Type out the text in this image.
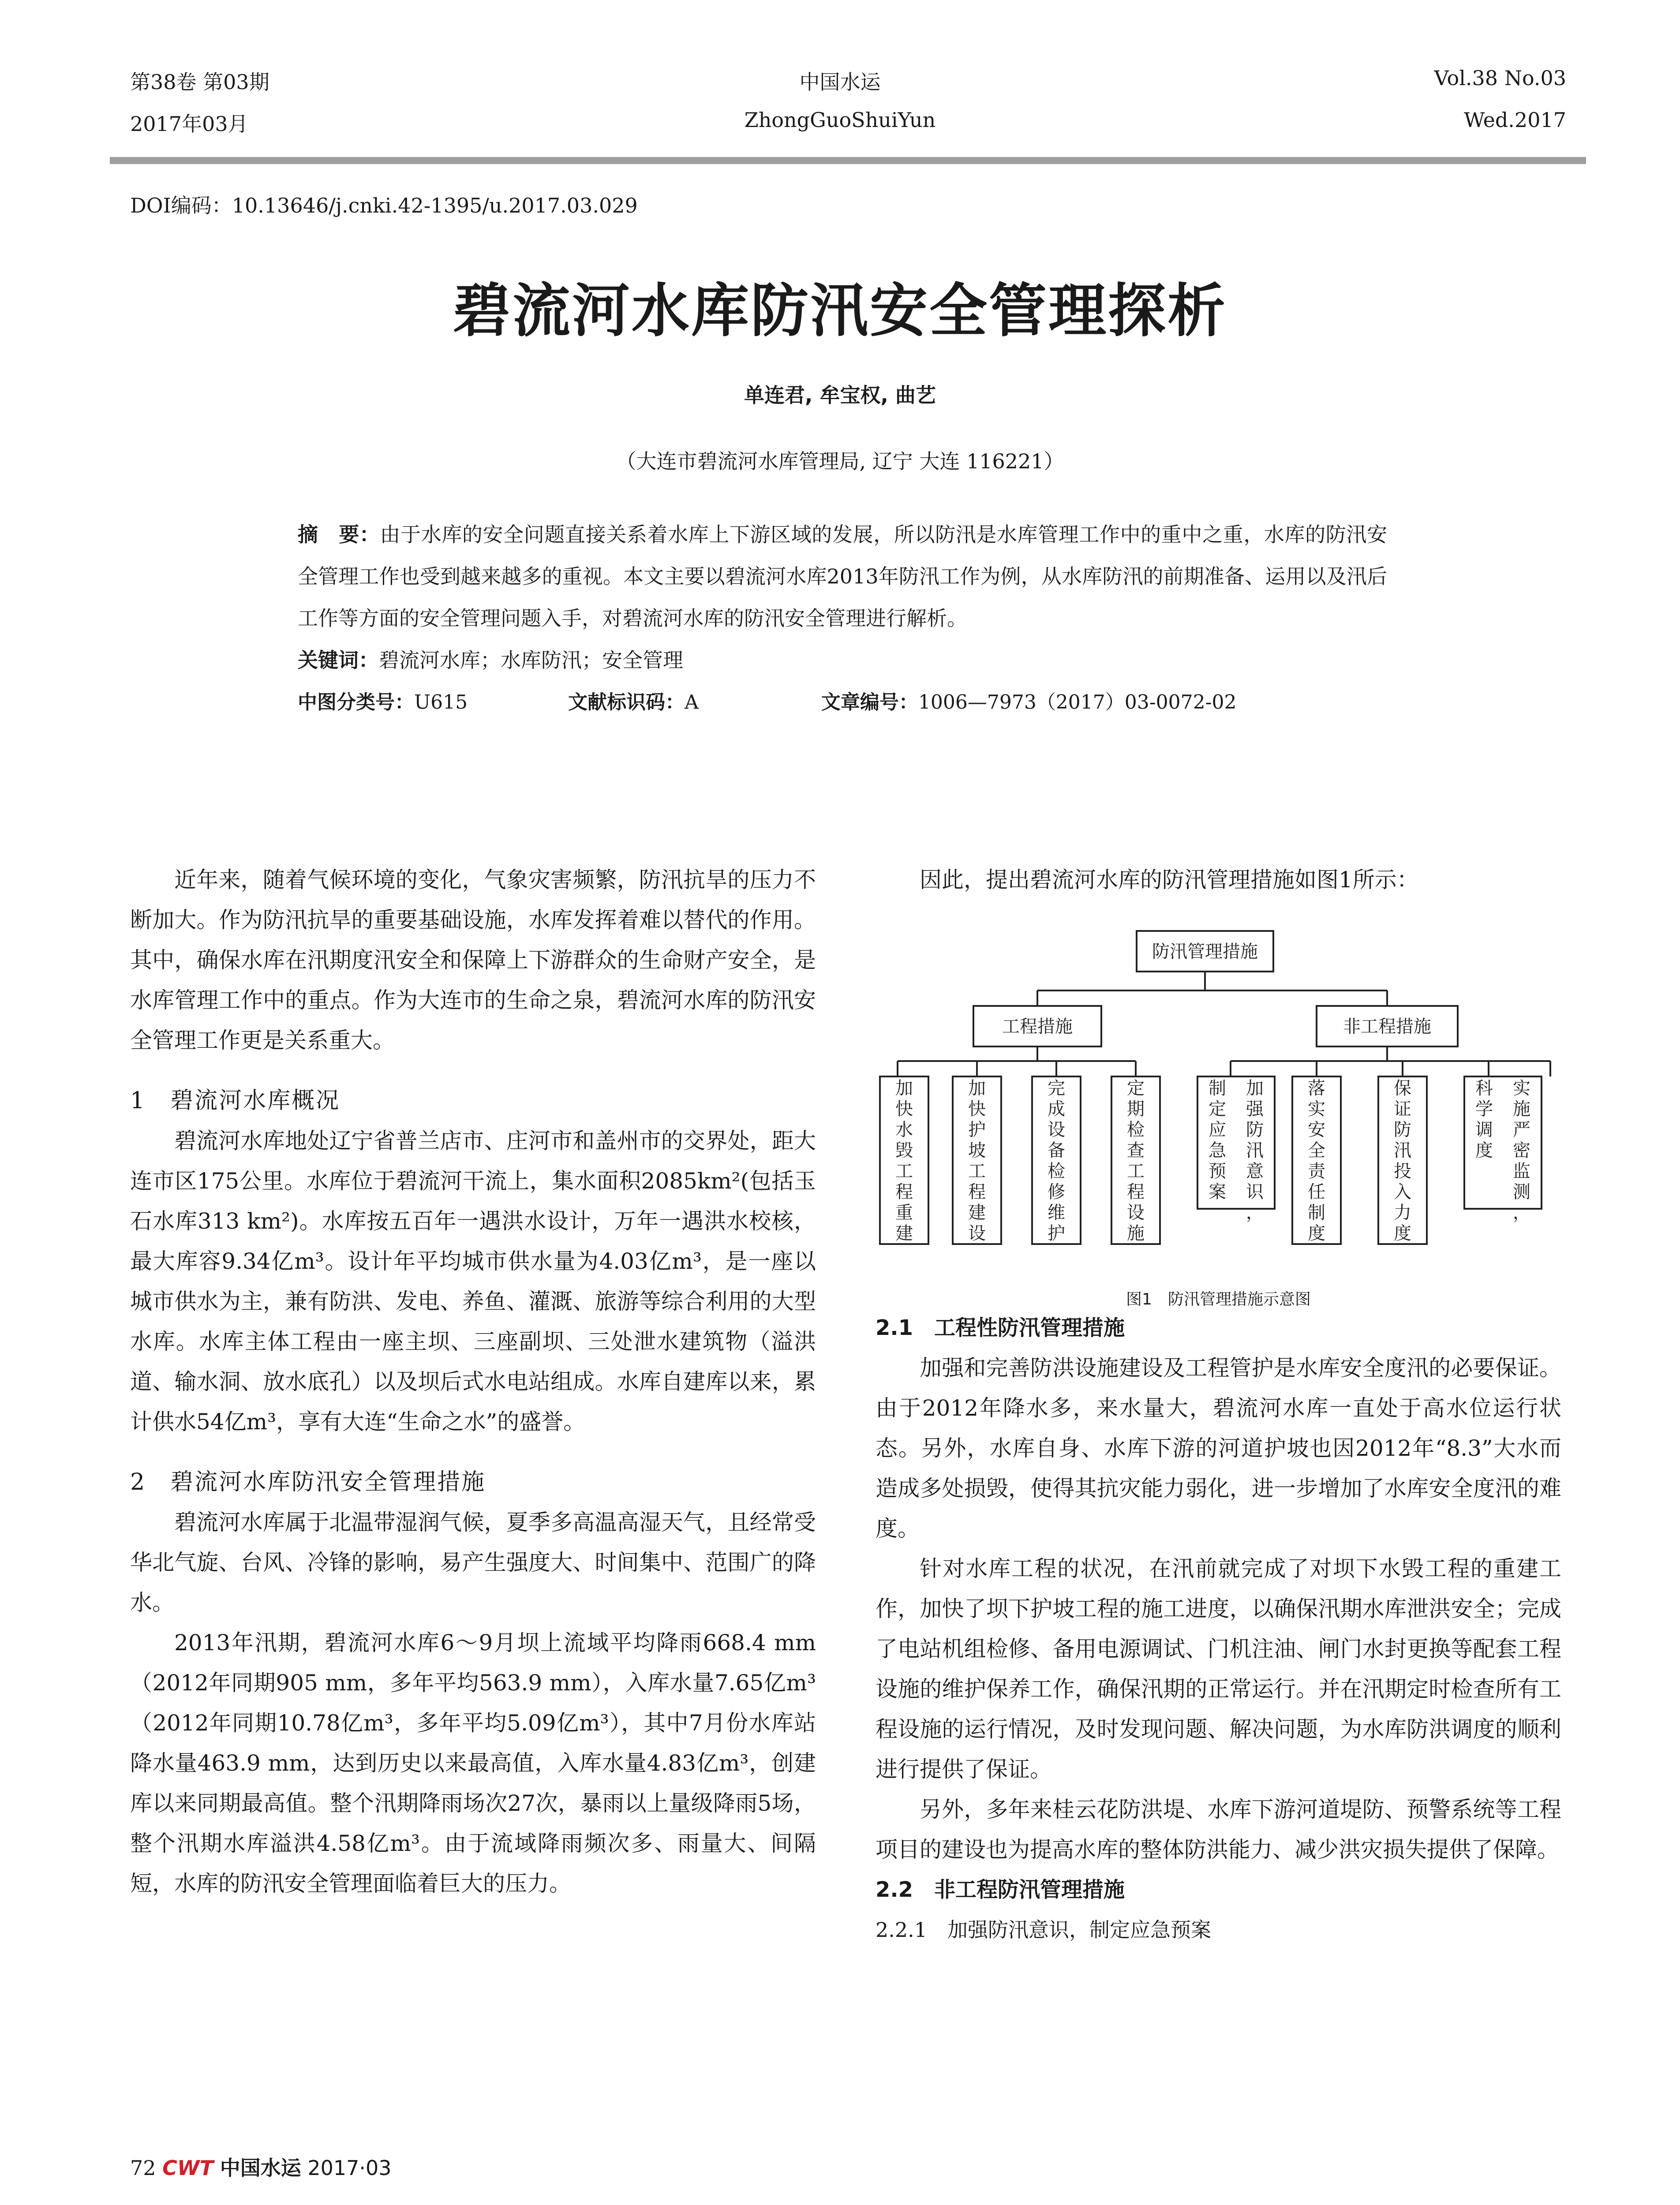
第38卷 第03期
2017年03月
中国水运
ZhongGuoShuiYun
Vol.38 No.03
Wed.2017
DOI编码：10.13646/j.cnki.42-1395/u.2017.03.029
碧流河水库防汛安全管理探析
单连君, 牟宝权, 曲艺
（大连市碧流河水库管理局, 辽宁 大连 116221）
摘　要：由于水库的安全问题直接关系着水库上下游区域的发展，所以防汛是水库管理工作中的重中之重，水库的防汛安全管理工作也受到越来越多的重视。本文主要以碧流河水库2013年防汛工作为例，从水库防汛的前期准备、运用以及汛后工作等方面的安全管理问题入手，对碧流河水库的防汛安全管理进行解析。
关键词：碧流河水库；水库防汛；安全管理
中图分类号：U615	文献标识码：A	文章编号：1006—7973（2017）03-0072-02

近年来，随着气候环境的变化，气象灾害频繁，防汛抗旱的压力不断加大。作为防汛抗旱的重要基础设施，水库发挥着难以替代的作用。其中，确保水库在汛期度汛安全和保障上下游群众的生命财产安全，是水库管理工作中的重点。作为大连市的生命之泉，碧流河水库的防汛安全管理工作更是关系重大。

1　碧流河水库概况

碧流河水库地处辽宁省普兰店市、庄河市和盖州市的交界处，距大连市区175公里。水库位于碧流河干流上，集水面积2085km²(包括玉石水库313 km²)。水库按五百年一遇洪水设计，万年一遇洪水校核，最大库容9.34亿m³。设计年平均城市供水量为4.03亿m³，是一座以城市供水为主，兼有防洪、发电、养鱼、灌溉、旅游等综合利用的大型水库。水库主体工程由一座主坝、三座副坝、三处泄水建筑物（溢洪道、输水洞、放水底孔）以及坝后式水电站组成。水库自建库以来，累计供水54亿m³，享有大连“生命之水”的盛誉。

2　碧流河水库防汛安全管理措施

碧流河水库属于北温带湿润气候，夏季多高温高湿天气，且经常受华北气旋、台风、冷锋的影响，易产生强度大、时间集中、范围广的降水。

2013年汛期，碧流河水库6～9月坝上流域平均降雨668.4 mm（2012年同期905 mm，多年平均563.9 mm），入库水量7.65亿m³（2012年同期10.78亿m³，多年平均5.09亿m³），其中7月份水库站降水量463.9 mm，达到历史以来最高值，入库水量4.83亿m³，创建库以来同期最高值。整个汛期降雨场次27次，暴雨以上量级降雨5场，整个汛期水库溢洪4.58亿m³。由于流域降雨频次多、雨量大、间隔短，水库的防汛安全管理面临着巨大的压力。

因此，提出碧流河水库的防汛管理措施如图1所示：

防汛管理措施
工程措施	非工程措施
加
快
水
毁
工
程
重
建
加
快
护
坡
工
程
建
设
完
成
设
备
检
修
维
护
定
期
检
查
工
程
设
施
加
强
防
汛
意
识
，
制
定
应
急
预
案
落
实
安
全
责
任
制
度
保
证
防
汛
投
入
力
度
实
施
严
密
监
测
，
科
学
调
度
图1　防汛管理措施示意图
2.1　工程性防汛管理措施

加强和完善防洪设施建设及工程管护是水库安全度汛的必要保证。由于2012年降水多，来水量大，碧流河水库一直处于高水位运行状态。另外，水库自身、水库下游的河道护坡也因2012年“8.3”大水而造成多处损毁，使得其抗灾能力弱化，进一步增加了水库安全度汛的难度。

针对水库工程的状况，在汛前就完成了对坝下水毁工程的重建工作，加快了坝下护坡工程的施工进度，以确保汛期水库泄洪安全；完成了电站机组检修、备用电源调试、门机注油、闸门水封更换等配套工程设施的维护保养工作，确保汛期的正常运行。并在汛期定时检查所有工程设施的运行情况，及时发现问题、解决问题，为水库防洪调度的顺利进行提供了保证。

另外，多年来桂云花防洪堤、水库下游河道堤防、预警系统等工程项目的建设也为提高水库的整体防洪能力、减少洪灾损失提供了保障。

2.2　非工程防汛管理措施
2.2.1　加强防汛意识，制定应急预案
72 CWT 中国水运 2017·03
